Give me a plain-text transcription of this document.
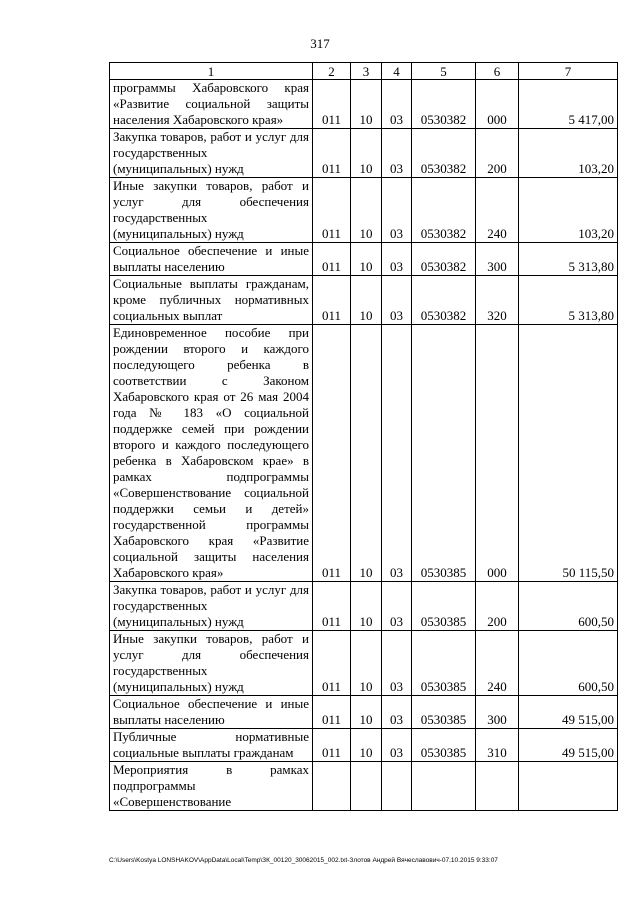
317
1	2	3	4	5	6	7
программы Хабаровского края «Развитие социальной защиты населения Хабаровского края»	011	10	03	0530382	000	5 417,00
Закупка товаров, работ и услуг для государственных (муниципальных) нужд	011	10	03	0530382	200	103,20
Иные закупки товаров, работ и услуг для обеспечения государственных (муниципальных) нужд	011	10	03	0530382	240	103,20
Социальное обеспечение и иные выплаты населению	011	10	03	0530382	300	5 313,80
Социальные выплаты гражданам, кроме публичных нормативных социальных выплат	011	10	03	0530382	320	5 313,80
Единовременное пособие при рождении второго и каждого последующего ребенка в соответствии с Законом Хабаровского края от 26 мая 2004 года № 183 «О социальной поддержке семей при рождении второго и каждого последующего ребенка в Хабаровском крае» в рамках подпрограммы «Совершенствование социальной поддержки семьи и детей» государственной программы Хабаровского края «Развитие социальной защиты населения Хабаровского края»	011	10	03	0530385	000	50 115,50
Закупка товаров, работ и услуг для государственных (муниципальных) нужд	011	10	03	0530385	200	600,50
Иные закупки товаров, работ и услуг для обеспечения государственных (муниципальных) нужд	011	10	03	0530385	240	600,50
Социальное обеспечение и иные выплаты населению	011	10	03	0530385	300	49 515,00
Публичные нормативные социальные выплаты гражданам	011	10	03	0530385	310	49 515,00
Мероприятия в рамках подпрограммы «Совершенствование						
C:\Users\Kostya LONSHAKOV\AppData\Local\Temp\ЗК_00120_30062015_002.txt-Злотов Андрей Вячеславович-07.10.2015 9:33:07
